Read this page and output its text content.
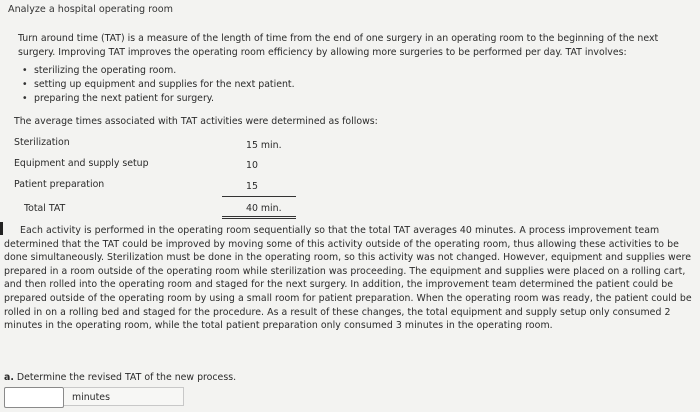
Analyze a hospital operating room
Turn around time (TAT) is a measure of the length of time from the end of one surgery in an operating room to the beginning of the next surgery. Improving TAT improves the operating room efficiency by allowing more surgeries to be performed per day. TAT involves:
• sterilizing the operating room.
• setting up equipment and supplies for the next patient.
• preparing the next patient for surgery.
The average times associated with TAT activities were determined as follows:
Sterilization	15 min.
Equipment and supply setup	10
Patient preparation	15
Total TAT	40 min.
Each activity is performed in the operating room sequentially so that the total TAT averages 40 minutes. A process improvement team determined that the TAT could be improved by moving some of this activity outside of the operating room, thus allowing these activities to be done simultaneously. Sterilization must be done in the operating room, so this activity was not changed. However, equipment and supplies were prepared in a room outside of the operating room while sterilization was proceeding. The equipment and supplies were placed on a rolling cart, and then rolled into the operating room and staged for the next surgery. In addition, the improvement team determined the patient could be prepared outside of the operating room by using a small room for patient preparation. When the operating room was ready, the patient could be rolled in on a rolling bed and staged for the procedure. As a result of these changes, the total equipment and supply setup only consumed 2 minutes in the operating room, while the total patient preparation only consumed 3 minutes in the operating room.
a. Determine the revised TAT of the new process.
minutes
